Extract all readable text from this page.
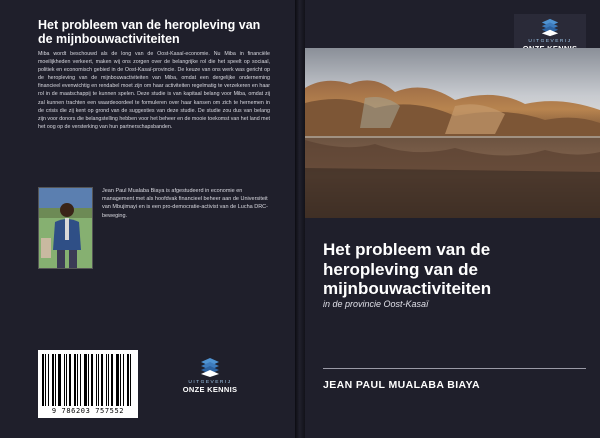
Het probleem van de heropleving van de mijnbouwactiviteiten
Miba wordt beschouwd als de long van de Oost-Kasaï-economie. Nu Miba in financiële moeilijkheden verkeert, maken wij ons zorgen over de belangrijke rol die het speelt op sociaal, politiek en economisch gebied in de Oost-Kasaï-provincie. De keuze van ons werk was gericht op de heropleving van de mijnbouwactiviteiten van Miba, omdat een dergelijke onderneming financieel evenwichtig en rendabel moet zijn om haar activiteiten regelmatig te verzekeren en haar rol in de maatschappij te kunnen spelen. Deze studie is van kapitaal belang voor Miba, omdat zij zal kunnen trachten een waardeoordeel te formuleren over haar kansen om zich te hernemen in de crisis die zij kent op grond van de suggesties van deze studie. De studie zou dus van belang zijn voor donors die belangstelling hebben voor het beheer en de mooie toekomst van het land met het oog op de versterking van hun partnerschapsbanden.
Jean Paul Mualaba Biaya is afgestudeerd in economie en management met als hoofdvak financieel beheer aan de Universiteit van Mbujimayi en is een pro-democratie-activist van de Lucha DRC-beweging.
9 786203 757552
UITGEVERIJ
ONZE KENNIS
UITGEVERIJ
Het probleem van de heropleving van de mijnbouwactiviteiten
in de provincie Oost-Kasaï
JEAN PAUL MUALABA BIAYA
